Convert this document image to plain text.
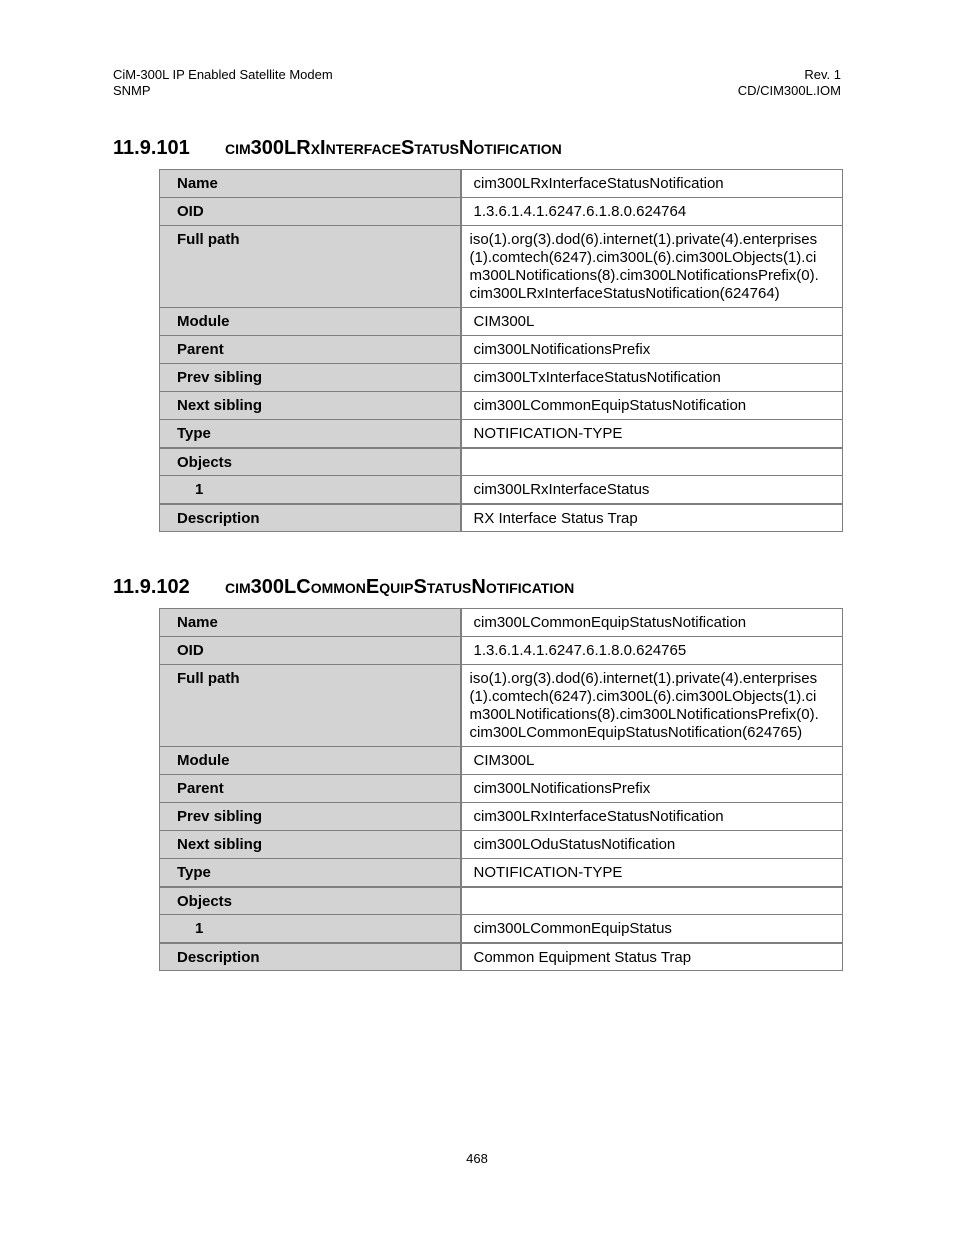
CiM-300L IP Enabled Satellite Modem
SNMP
Rev. 1
CD/CIM300L.IOM
11.9.101 cim300LRxInterfaceStatusNotification
Name	cim300LRxInterfaceStatusNotification
OID	1.3.6.1.4.1.6247.6.1.8.0.624764
Full path	iso(1).org(3).dod(6).internet(1).private(4).enterprises
(1).comtech(6247).cim300L(6).cim300LObjects(1).ci
m300LNotifications(8).cim300LNotificationsPrefix(0).
cim300LRxInterfaceStatusNotification(624764)

Module	CIM300L
Parent	cim300LNotificationsPrefix
Prev sibling	cim300LTxInterfaceStatusNotification
Next sibling	cim300LCommonEquipStatusNotification
Type	NOTIFICATION-TYPE
Objects	
1	cim300LRxInterfaceStatus
Description	RX Interface Status Trap
11.9.102 cim300LCommonEquipStatusNotification
Name	cim300LCommonEquipStatusNotification
OID	1.3.6.1.4.1.6247.6.1.8.0.624765
Full path	iso(1).org(3).dod(6).internet(1).private(4).enterprises
(1).comtech(6247).cim300L(6).cim300LObjects(1).ci
m300LNotifications(8).cim300LNotificationsPrefix(0).
cim300LCommonEquipStatusNotification(624765)

Module	CIM300L
Parent	cim300LNotificationsPrefix
Prev sibling	cim300LRxInterfaceStatusNotification
Next sibling	cim300LOduStatusNotification
Type	NOTIFICATION-TYPE
Objects	
1	cim300LCommonEquipStatus
Description	Common Equipment Status Trap
468
